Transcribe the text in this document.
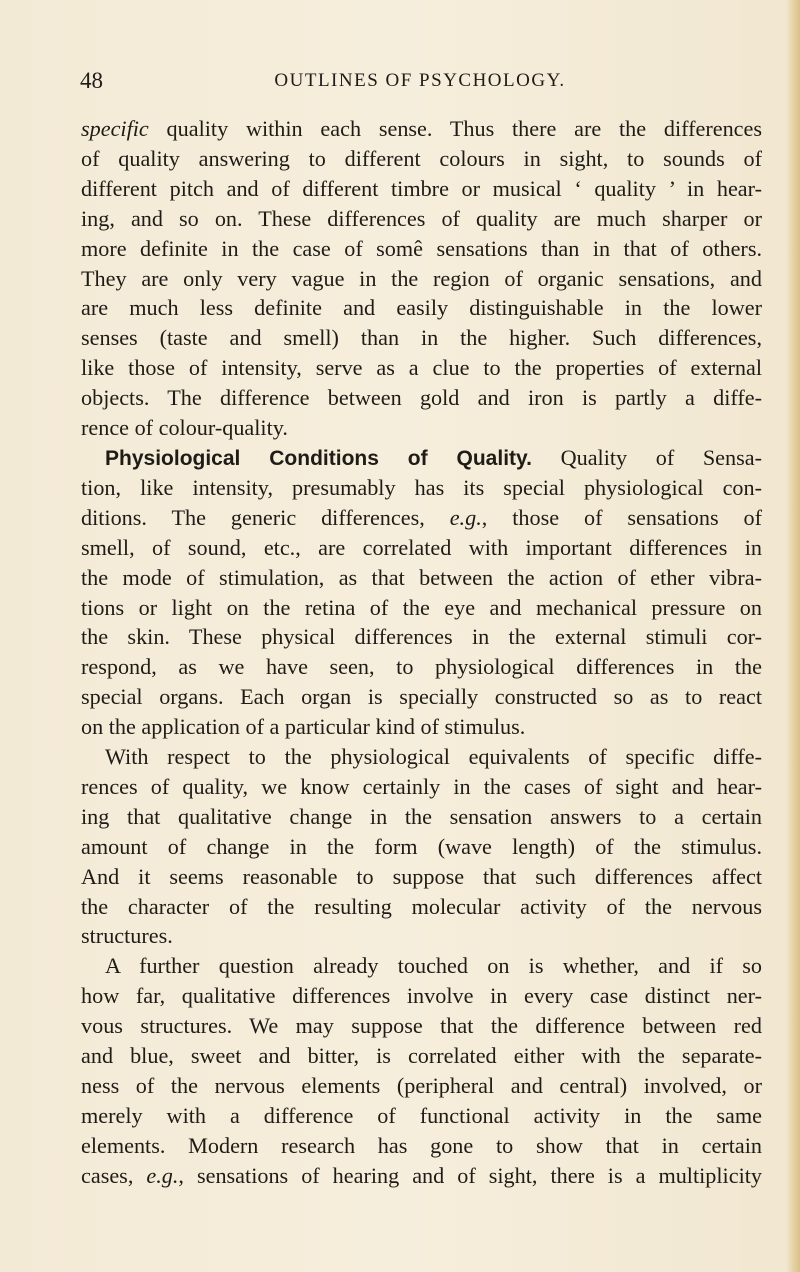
48	OUTLINES OF PSYCHOLOGY.
specific quality within each sense. Thus there are the differences
of quality answering to different colours in sight, to sounds of
different pitch and of different timbre or musical ‘ quality ’ in hear-
ing, and so on. These differences of quality are much sharper or
more definite in the case of somê sensations than in that of others.
They are only very vague in the region of organic sensations, and
are much less definite and easily distinguishable in the lower
senses (taste and smell) than in the higher. Such differences,
like those of intensity, serve as a clue to the properties of external
objects. The difference between gold and iron is partly a diffe-
rence of colour-quality.
Physiological Conditions of Quality. Quality of Sensa-
tion, like intensity, presumably has its special physiological con-
ditions. The generic differences, e.g., those of sensations of
smell, of sound, etc., are correlated with important differences in
the mode of stimulation, as that between the action of ether vibra-
tions or light on the retina of the eye and mechanical pressure on
the skin. These physical differences in the external stimuli cor-
respond, as we have seen, to physiological differences in the
special organs. Each organ is specially constructed so as to react
on the application of a particular kind of stimulus.
With respect to the physiological equivalents of specific diffe-
rences of quality, we know certainly in the cases of sight and hear-
ing that qualitative change in the sensation answers to a certain
amount of change in the form (wave length) of the stimulus.
And it seems reasonable to suppose that such differences affect
the character of the resulting molecular activity of the nervous
structures.
A further question already touched on is whether, and if so
how far, qualitative differences involve in every case distinct ner-
vous structures. We may suppose that the difference between red
and blue, sweet and bitter, is correlated either with the separate-
ness of the nervous elements (peripheral and central) involved, or
merely with a difference of functional activity in the same
elements. Modern research has gone to show that in certain
cases, e.g., sensations of hearing and of sight, there is a multiplicity
